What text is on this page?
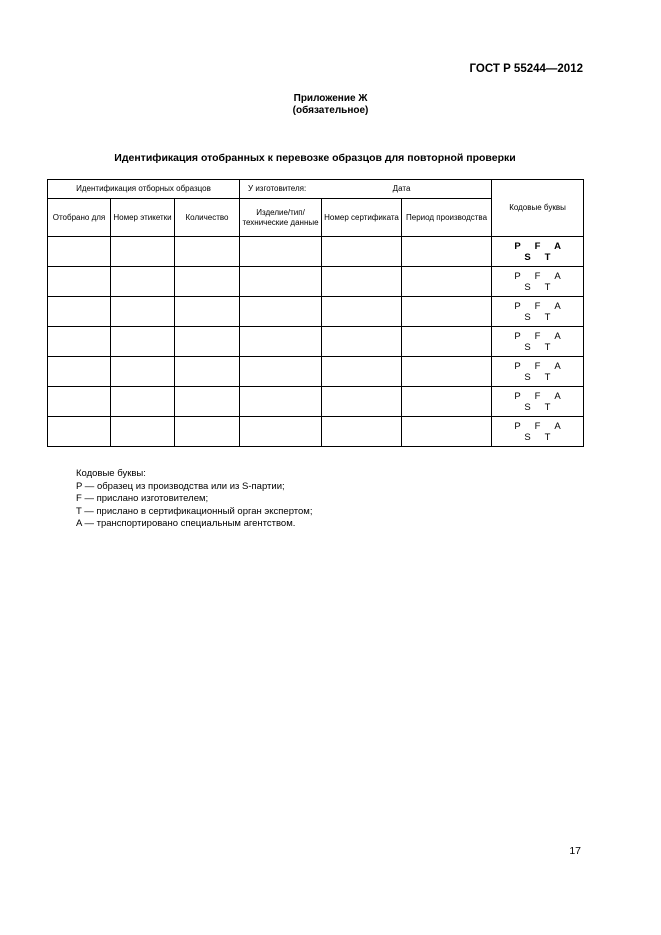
ГОСТ Р 55244—2012
Приложение Ж
(обязательное)
Идентификация отобранных к перевозке образцов для повторной проверки
Идентификация отборных образцов			У изготовителя: Дата			Кодовые буквы
Отобрано для	Номер этикетки	Количество	Изделие/тип/ технические данные	Номер сертификата	Период производства	

						P F A
S T

						P F A
S T

						P F A
S T

						P F A
S T

						P F A
S T

						P F A
S T

						P F A
S T
Кодовые буквы:
P — образец из производства или из S-партии;
F — прислано изготовителем;
T — прислано в сертификационный орган экспертом;
A — транспортировано специальным агентством.
17
